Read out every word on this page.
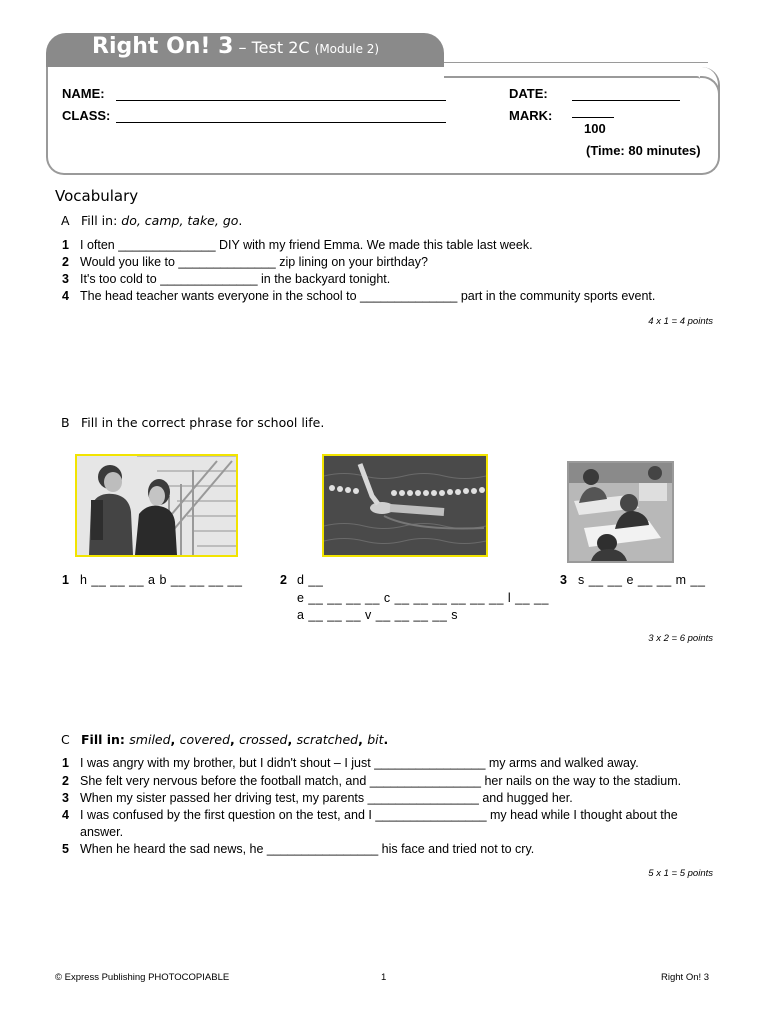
Right On! 3 – Test 2C (Module 2)
NAME:
CLASS:
DATE:
MARK:
100
(Time: 80 minutes)
Vocabulary
A Fill in: do, camp, take, go.
1 I often ______________ DIY with my friend Emma. We made this table last week.
2 Would you like to ______________ zip lining on your birthday?
3 It's too cold to ______________ in the backyard tonight.
4 The head teacher wants everyone in the school to ______________ part in the community sports event.
4 x 1 = 4 points
B Fill in the correct phrase for school life.
1 h __ __ __ a b __ __ __ __	2 d __
e __ __ __ __ c __ __ __ __ __ __ l __ __
a __ __ __ v __ __ __ __ s
3 s __ __ e __ __ m __
3 x 2 = 6 points
C Fill in: smiled, covered, crossed, scratched, bit.
1 I was angry with my brother, but I didn't shout – I just ________________ my arms and walked away.
2 She felt very nervous before the football match, and ________________ her nails on the way to the stadium.
3 When my sister passed her driving test, my parents ________________ and hugged her.
4 I was confused by the first question on the test, and I ________________ my head while I thought about the
answer.
5 When he heard the sad news, he ________________ his face and tried not to cry.
5 x 1 = 5 points
© Express Publishing PHOTOCOPIABLE	1	Right On! 3
